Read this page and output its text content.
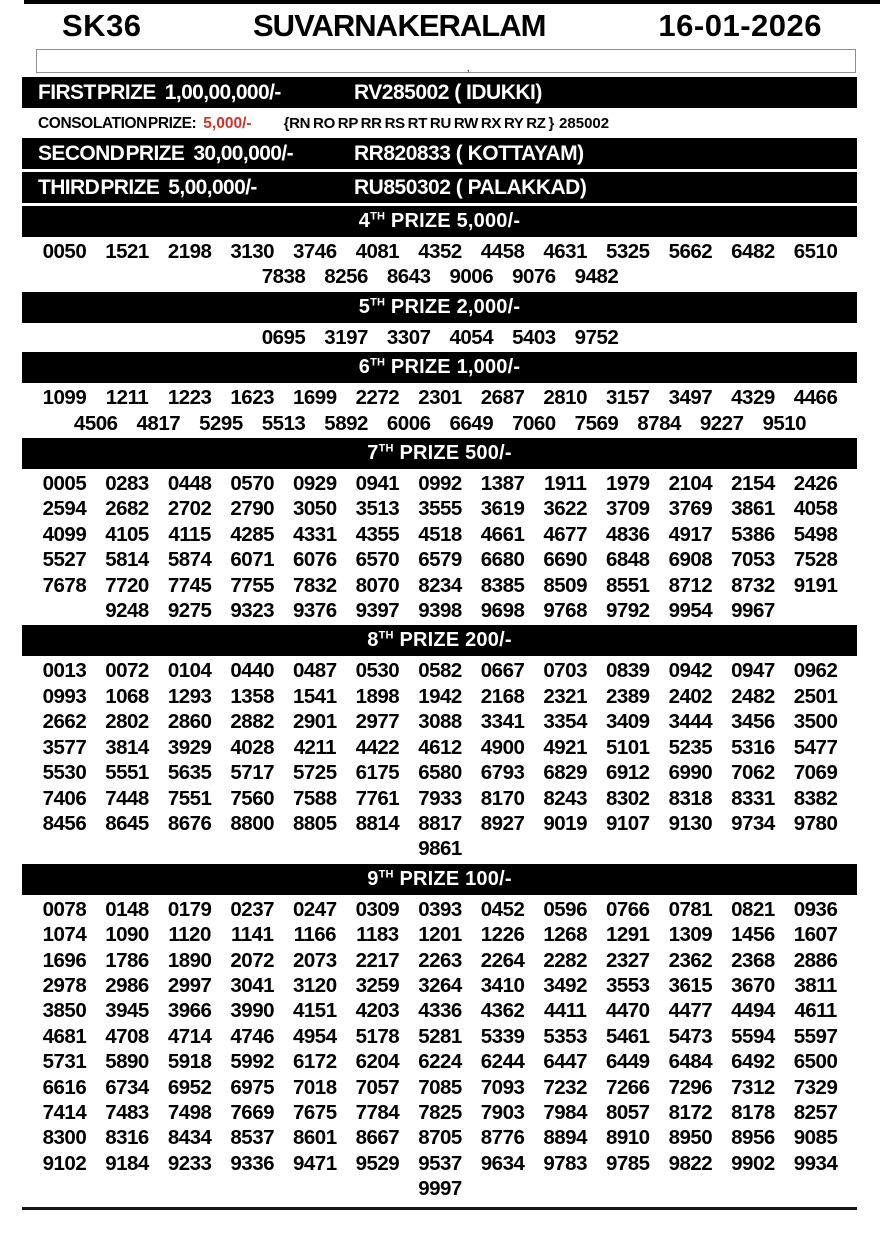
SK36	SUVARNA KERALAM	16-01-2026
‚
FIRST PRIZE 1,00,00,000/-	RV285002 ( IDUKKI)
CONSOLATION PRIZE: 5,000/- {RN RO RP RR RS RT RU RW RX RY RZ } 285002
SECOND PRIZE 30,00,000/-	RR820833 ( KOTTAYAM)
THIRD PRIZE 5,00,000/-	RU850302 ( PALAKKAD)
4TH PRIZE 5,000/-
0050 1521 2198 3130 3746 4081 4352 4458 4631 5325 5662 6482 6510
7838 8256 8643 9006 9076 9482
5TH PRIZE 2,000/-
0695 3197 3307 4054 5403 9752
6TH PRIZE 1,000/-
1099 1211 1223 1623 1699 2272 2301 2687 2810 3157 3497 4329 4466
4506 4817 5295 5513 5892 6006 6649 7060 7569 8784 9227 9510
7TH PRIZE 500/-
0005 0283 0448 0570 0929 0941 0992 1387 1911 1979 2104 2154 2426
2594 2682 2702 2790 3050 3513 3555 3619 3622 3709 3769 3861 4058
4099 4105 4115 4285 4331 4355 4518 4661 4677 4836 4917 5386 5498
5527 5814 5874 6071 6076 6570 6579 6680 6690 6848 6908 7053 7528
7678 7720 7745 7755 7832 8070 8234 8385 8509 8551 8712 8732 9191
9248 9275 9323 9376 9397 9398 9698 9768 9792 9954 9967
8TH PRIZE 200/-
0013 0072 0104 0440 0487 0530 0582 0667 0703 0839 0942 0947 0962
0993 1068 1293 1358 1541 1898 1942 2168 2321 2389 2402 2482 2501
2662 2802 2860 2882 2901 2977 3088 3341 3354 3409 3444 3456 3500
3577 3814 3929 4028 4211 4422 4612 4900 4921 5101 5235 5316 5477
5530 5551 5635 5717 5725 6175 6580 6793 6829 6912 6990 7062 7069
7406 7448 7551 7560 7588 7761 7933 8170 8243 8302 8318 8331 8382
8456 8645 8676 8800 8805 8814 8817 8927 9019 9107 9130 9734 9780
9861
9TH PRIZE 100/-
0078 0148 0179 0237 0247 0309 0393 0452 0596 0766 0781 0821 0936
1074 1090 1120 1141 1166 1183 1201 1226 1268 1291 1309 1456 1607
1696 1786 1890 2072 2073 2217 2263 2264 2282 2327 2362 2368 2886
2978 2986 2997 3041 3120 3259 3264 3410 3492 3553 3615 3670 3811
3850 3945 3966 3990 4151 4203 4336 4362 4411 4470 4477 4494 4611
4681 4708 4714 4746 4954 5178 5281 5339 5353 5461 5473 5594 5597
5731 5890 5918 5992 6172 6204 6224 6244 6447 6449 6484 6492 6500
6616 6734 6952 6975 7018 7057 7085 7093 7232 7266 7296 7312 7329
7414 7483 7498 7669 7675 7784 7825 7903 7984 8057 8172 8178 8257
8300 8316 8434 8537 8601 8667 8705 8776 8894 8910 8950 8956 9085
9102 9184 9233 9336 9471 9529 9537 9634 9783 9785 9822 9902 9934
9997
